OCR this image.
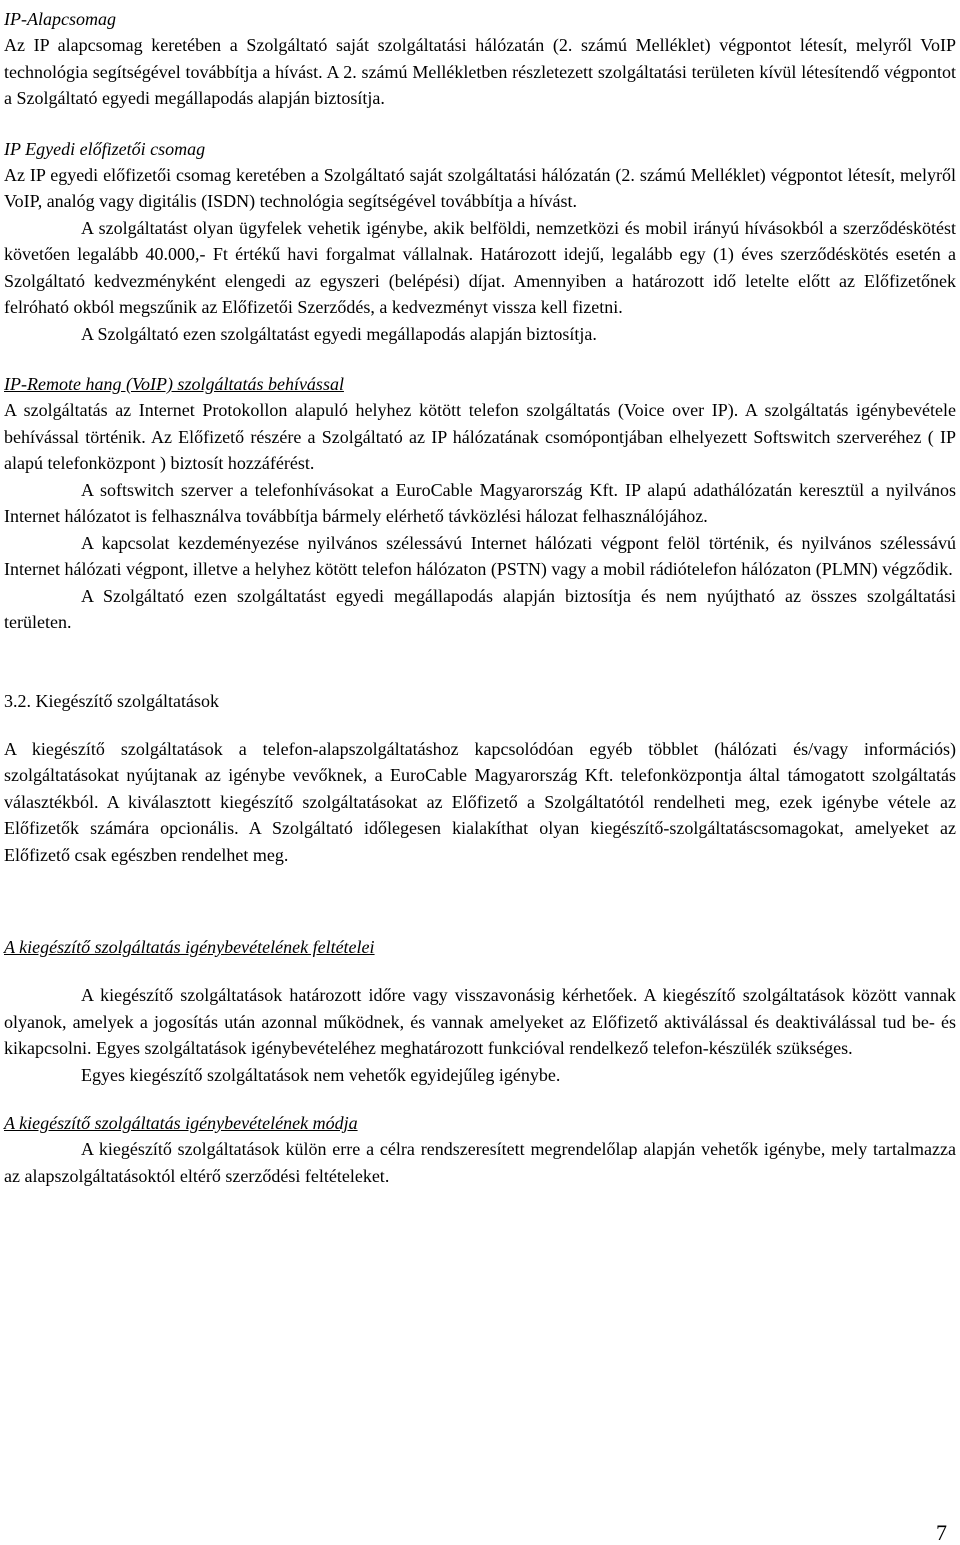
IP-Alapcsomag

Az IP alapcsomag keretében a Szolgáltató saját szolgáltatási hálózatán (2. számú Melléklet) végpontot létesít, melyről VoIP technológia segítségével továbbítja a hívást. A 2. számú Mellékletben részletezett szolgáltatási területen kívül létesítendő végpontot a Szolgáltató egyedi megállapodás alapján biztosítja.

IP Egyedi előfizetői csomag

Az IP egyedi előfizetői csomag keretében a Szolgáltató saját szolgáltatási hálózatán (2. számú Melléklet) végpontot létesít, melyről VoIP, analóg vagy digitális (ISDN) technológia segítségével továbbítja a hívást.

A szolgáltatást olyan ügyfelek vehetik igénybe, akik belföldi, nemzetközi és mobil irányú hívásokból a szerződéskötést követően legalább 40.000,- Ft értékű havi forgalmat vállalnak. Határozott idejű, legalább egy (1) éves szerződéskötés esetén a Szolgáltató kedvezményként elengedi az egyszeri (belépési) díjat. Amennyiben a határozott idő letelte előtt az Előfizetőnek felróható okból megszűnik az Előfizetői Szerződés, a kedvezményt vissza kell fizetni.

A Szolgáltató ezen szolgáltatást egyedi megállapodás alapján biztosítja.

IP-Remote hang (VoIP) szolgáltatás behívással

A szolgáltatás az Internet Protokollon alapuló helyhez kötött telefon szolgáltatás (Voice over IP). A szolgáltatás igénybevétele behívással történik. Az Előfizető részére a Szolgáltató az IP hálózatának csomópontjában elhelyezett Softswitch szerveréhez ( IP alapú telefonközpont ) biztosít hozzáférést.

A softswitch szerver a telefonhívásokat a EuroCable Magyarország Kft. IP alapú adathálózatán keresztül a nyilvános Internet hálózatot is felhasználva továbbítja bármely elérhető távközlési hálozat felhasználójához.

A kapcsolat kezdeményezése nyilvános szélessávú Internet hálózati végpont felöl történik, és nyilvános szélessávú Internet hálózati végpont, illetve a helyhez kötött telefon hálózaton (PSTN) vagy a mobil rádiótelefon hálózaton (PLMN) végződik.

A Szolgáltató ezen szolgáltatást egyedi megállapodás alapján biztosítja és nem nyújtható az összes szolgáltatási területen.

3.2. Kiegészítő szolgáltatások

A kiegészítő szolgáltatások a telefon-alapszolgáltatáshoz kapcsolódóan egyéb többlet (hálózati és/vagy információs) szolgáltatásokat nyújtanak az igénybe vevőknek, a EuroCable Magyarország Kft. telefonközpontja által támogatott szolgáltatás választékból. A kiválasztott kiegészítő szolgáltatásokat az Előfizető a Szolgáltatótól rendelheti meg, ezek igénybe vétele az Előfizetők számára opcionális. A Szolgáltató időlegesen kialakíthat olyan kiegészítő-szolgáltatáscsomagokat, amelyeket az Előfizető csak egészben rendelhet meg.

A kiegészítő szolgáltatás igénybevételének feltételei

A kiegészítő szolgáltatások határozott időre vagy visszavonásig kérhetőek. A kiegészítő szolgáltatások között vannak olyanok, amelyek a jogosítás után azonnal működnek, és vannak amelyeket az Előfizető aktiválással és deaktiválással tud be- és kikapcsolni. Egyes szolgáltatások igénybevételéhez meghatározott funkcióval rendelkező telefon-készülék szükséges.

Egyes kiegészítő szolgáltatások nem vehetők egyidejűleg igénybe.

A kiegészítő szolgáltatás igénybevételének módja

A kiegészítő szolgáltatások külön erre a célra rendszeresített megrendelőlap alapján vehetők igénybe, mely tartalmazza az alapszolgáltatásoktól eltérő szerződési feltételeket.

7
